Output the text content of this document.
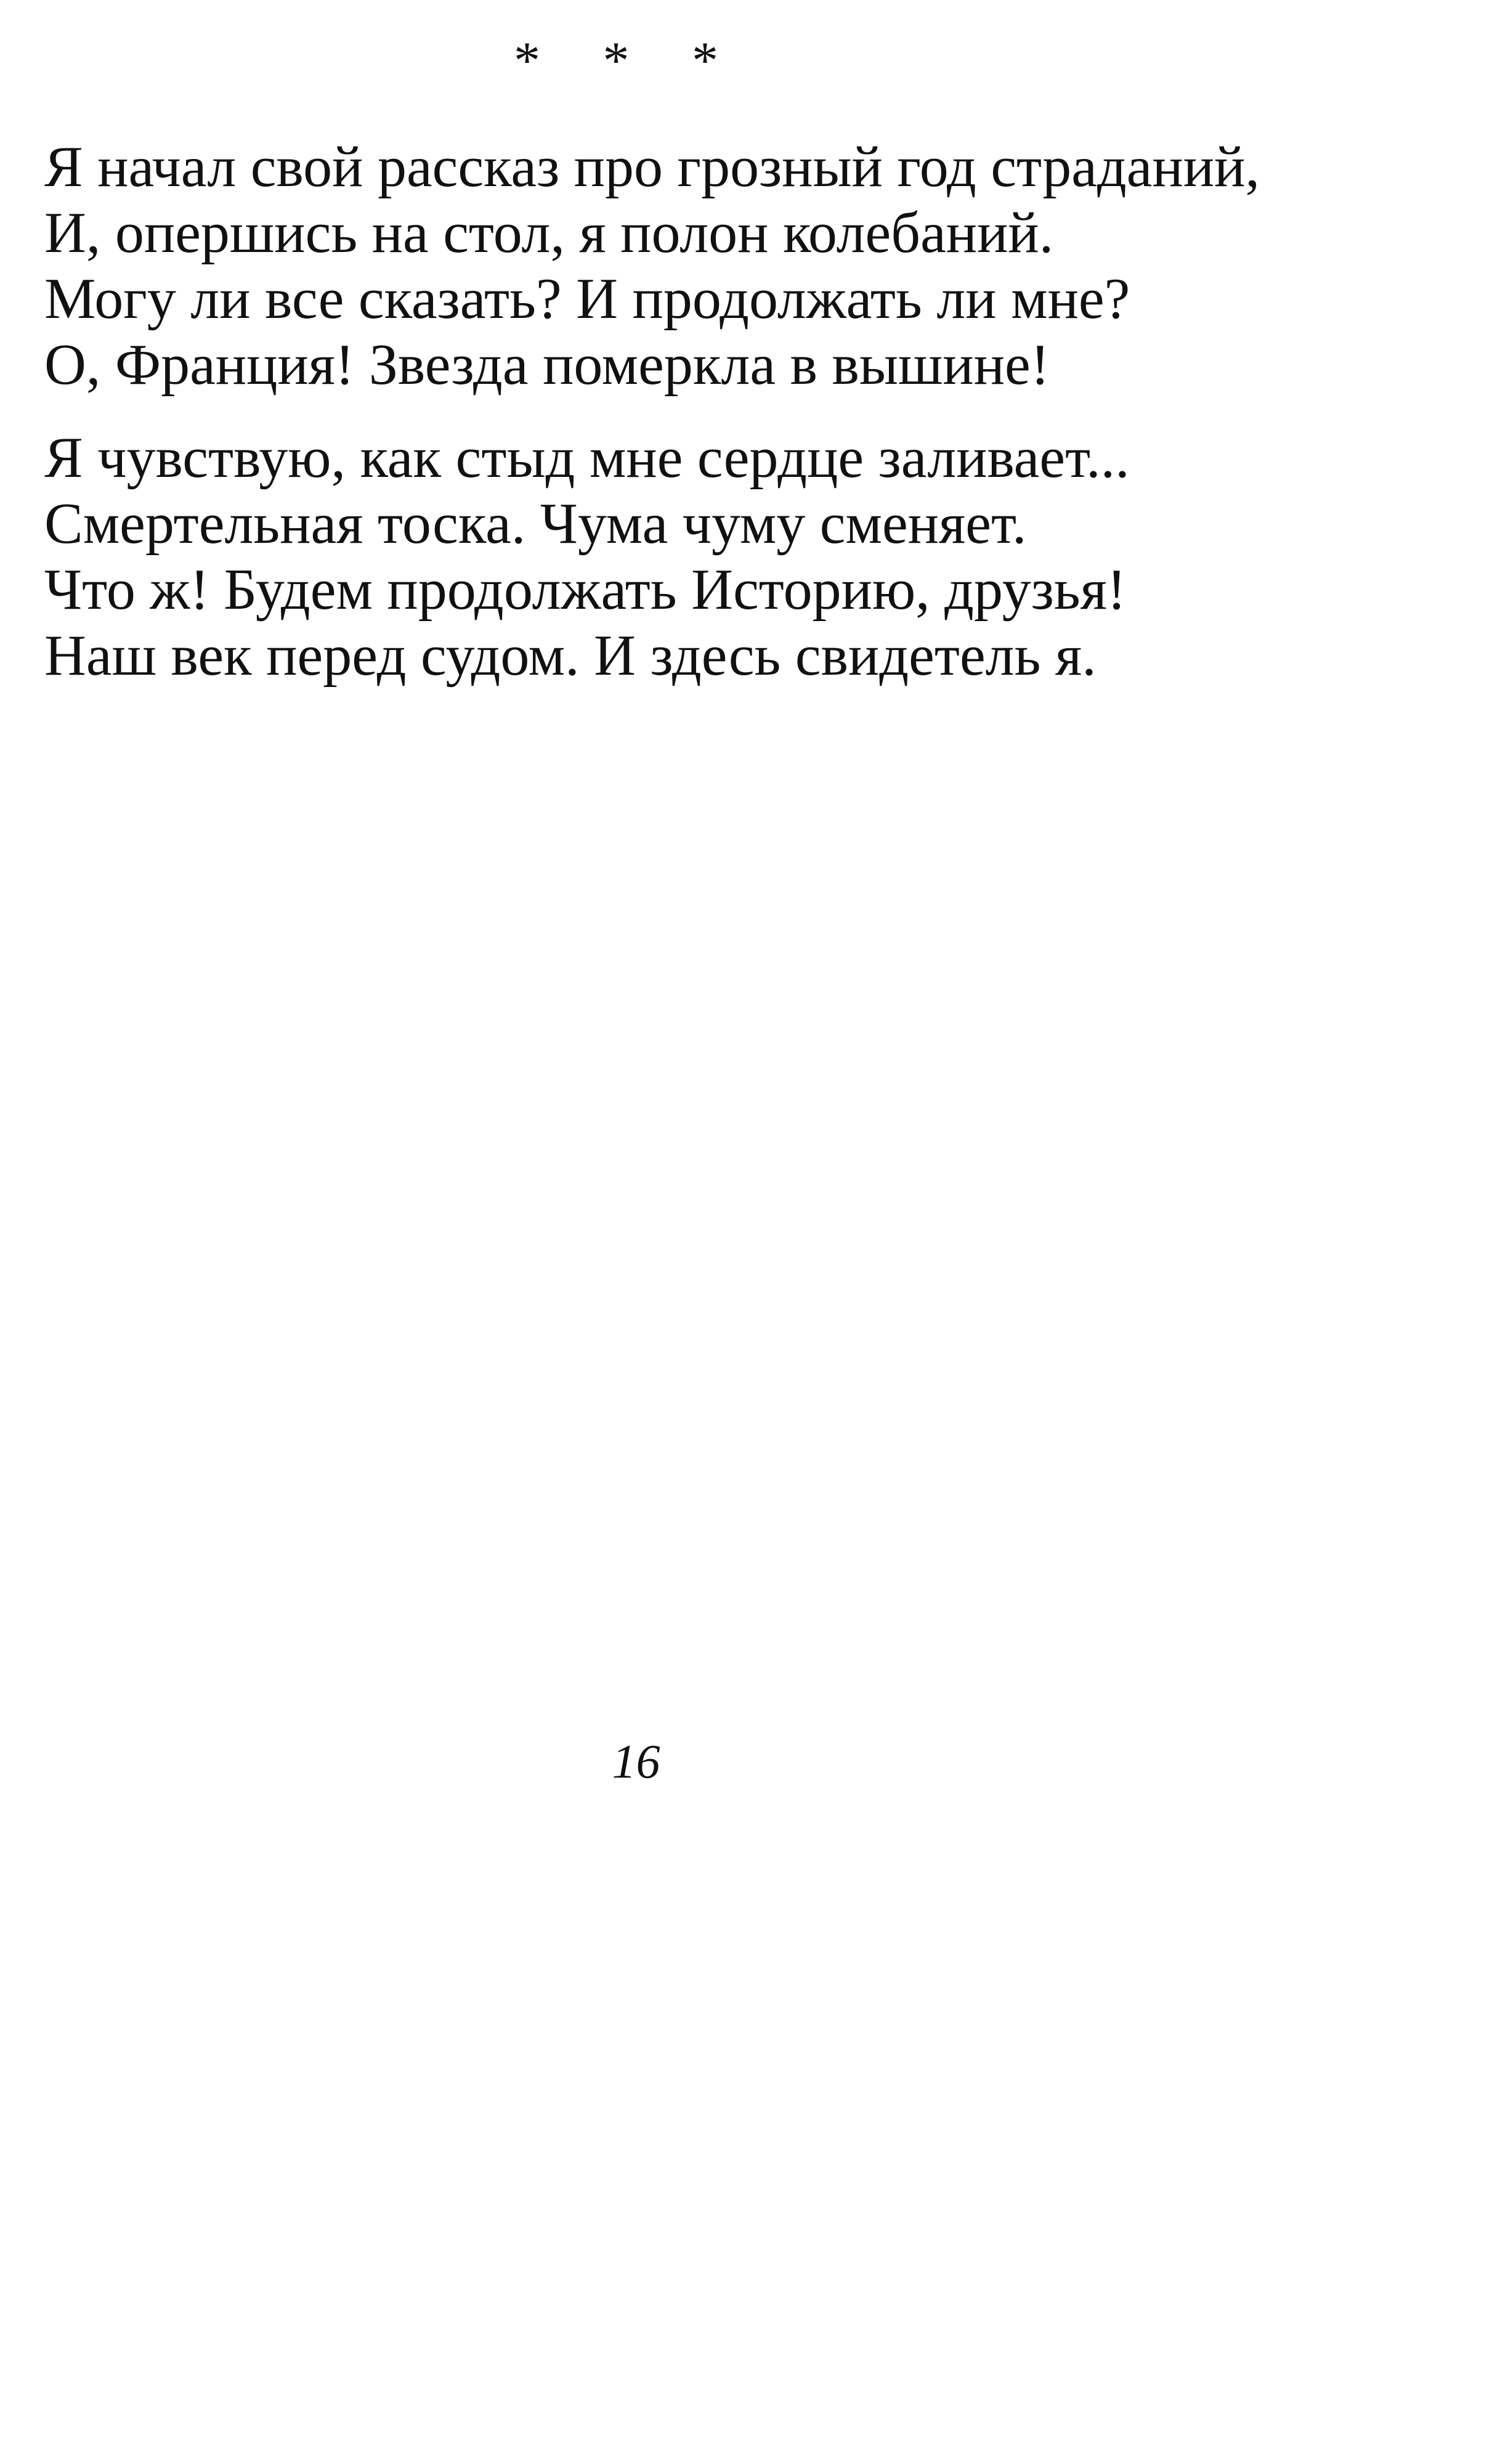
* * *
Я начал свой рассказ про грозный год страданий,
И, опершись на стол, я полон колебаний.
Могу ли все сказать? И продолжать ли мне?
О, Франция! Звезда померкла в вышине!
Я чувствую, как стыд мне сердце заливает...
Смертельная тоска. Чума чуму сменяет.
Что ж! Будем продолжать Историю, друзья!
Наш век перед судом. И здесь свидетель я.
16
